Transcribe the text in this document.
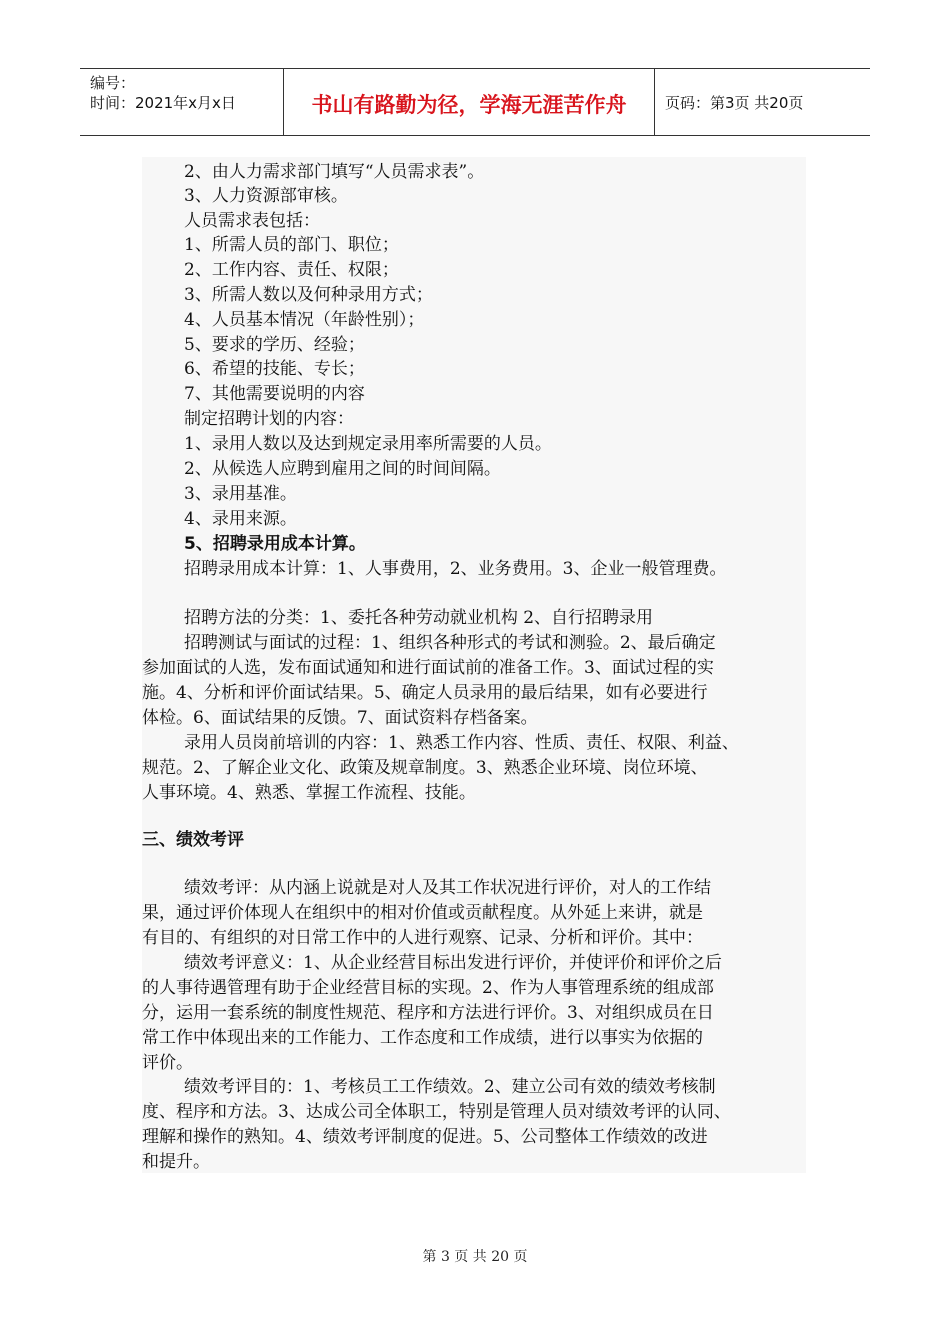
编号：
时间：2021年x月x日	书山有路勤为径，学海无涯苦作舟	页码：第3页 共20页
2、由人力需求部门填写“人员需求表”。
3、人力资源部审核。
人员需求表包括：
1、所需人员的部门、职位；
2、工作内容、责任、权限；
3、所需人数以及何种录用方式；
4、人员基本情况（年龄性别）；
5、要求的学历、经验；
6、希望的技能、专长；
7、其他需要说明的内容
制定招聘计划的内容：
1、录用人数以及达到规定录用率所需要的人员。
2、从候选人应聘到雇用之间的时间间隔。
3、录用基准。
4、录用来源。
5、招聘录用成本计算。
招聘录用成本计算：1、人事费用，2、业务费用。3、企业一般管理费。
招聘方法的分类：1、委托各种劳动就业机构 2、自行招聘录用
招聘测试与面试的过程：1、组织各种形式的考试和测验。2、最后确定
参加面试的人选，发布面试通知和进行面试前的准备工作。3、面试过程的实
施。4、分析和评价面试结果。5、确定人员录用的最后结果，如有必要进行
体检。6、面试结果的反馈。7、面试资料存档备案。
录用人员岗前培训的内容：1、熟悉工作内容、性质、责任、权限、利益、
规范。2、了解企业文化、政策及规章制度。3、熟悉企业环境、岗位环境、
人事环境。4、熟悉、掌握工作流程、技能。
三、绩效考评
绩效考评：从内涵上说就是对人及其工作状况进行评价，对人的工作结
果，通过评价体现人在组织中的相对价值或贡献程度。从外延上来讲，就是
有目的、有组织的对日常工作中的人进行观察、记录、分析和评价。其中：
绩效考评意义：1、从企业经营目标出发进行评价，并使评价和评价之后
的人事待遇管理有助于企业经营目标的实现。2、作为人事管理系统的组成部
分，运用一套系统的制度性规范、程序和方法进行评价。3、对组织成员在日
常工作中体现出来的工作能力、工作态度和工作成绩，进行以事实为依据的
评价。
绩效考评目的：1、考核员工工作绩效。2、建立公司有效的绩效考核制
度、程序和方法。3、达成公司全体职工，特别是管理人员对绩效考评的认同、
理解和操作的熟知。4、绩效考评制度的促进。5、公司整体工作绩效的改进
和提升。
第 3 页 共 20 页
